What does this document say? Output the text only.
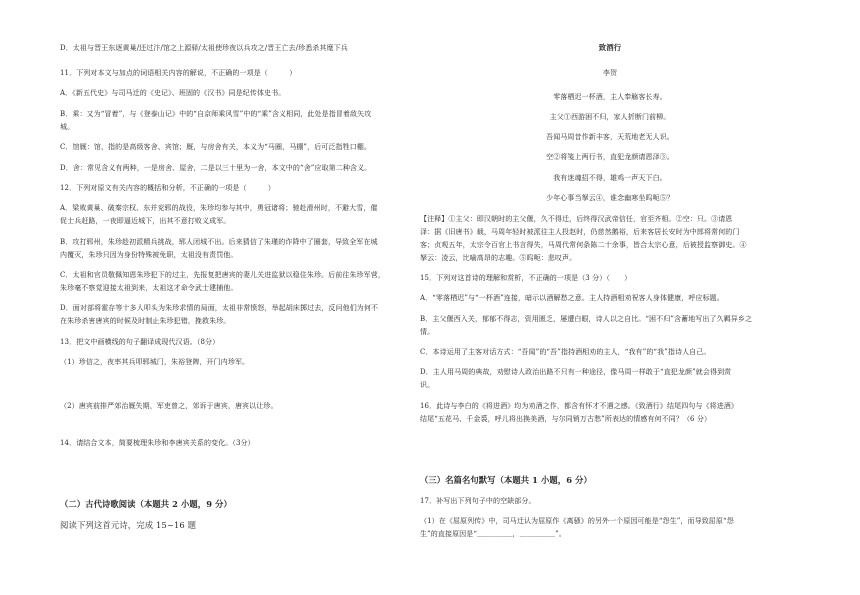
D．太祖与晋王东逐黄巢/还过汴/馆之上源驿/太祖使珍夜以兵攻之/晋王亡去/珍悉杀其麾下兵
11．下列对本文与加点的词语相关内容的解说，不正确的一项是（　　　）
A．《新五代史》与司马迁的《史记》、班固的《汉书》同是纪传体史书。
B．乘：又为“冒着”，与《登泰山记》中的“自京师乘风雪”中的“乘”含义相同，此处是指冒着敌矢攻
城。
C．馆厩：馆，指的是高级客舍、宾馆；厩，与房舍有关，本义为“马圈，马棚”，后可泛指牲口棚。
D．舍：常见含义有两种，一是房舍、屋舍，二是以三十里为一舍，本文中的“舍”应取第二种含义。
12．下列对原文有关内容的概括和分析，不正确的一项是（　　　）
A．梁败黄巢、破秦宗权、东并兖郓的战役，朱珍均参与其中，勇冠诸将；驰赴滑州时，不避大雪，催
促士兵赶路，一夜即逼近城下，出其不意打败义成军。
B．攻打郓州，朱珍趁初派精兵挑战，郓人闭城不出。后来猜信了朱瑾的诈降中了圈套，导致全军在城
内覆灭，朱珍只因为身份特殊被免职，太祖没有责罚他。
C．太祖和官员敬佩知恩朱珍犯下的过主，先报复把唐宾的妻儿关进监狱以稳住朱珍。后前往朱珍军营，
朱珍毫不察觉迎接太祖到来，太祖这才命令武士建捕他。
D．面对部将霍存等十多人叩头为朱珍求情的局面，太祖非常愤怒，举起胡床掷过去，反问他们为何不
在朱珍杀害唐宾的时候及时制止朱珍犯错，挽救朱珍。
13．把文中画横线的句子翻译成现代汉语。（8分）
（1）珍信之，夜率其兵叩郓城门，朱裕登陴，开门内珍军。
（2）唐宾前排严郊治厩失期，军吏曾之，郊诉于唐宾，唐宾以让珍。
14．请结合文本，简要梳理朱珍和李唐宾关系的变化。（3分）
（二）古代诗歌阅读（本题共 2 小题，9 分）
阅读下列这首元诗，完成 15~16 题
致酒行
李贺
零落栖迟一杯酒，主人奉觞客长寿。
主父①西游困不归，家人折断门前柳。
吾闻马周昔作新丰客，天荒地老无人识。
空②将笺上两行书，直犯龙颜请恩泽③。
我有迷魂招不得，雄鸡一声天下白。
少年心事当拏云④，谁念幽寒坐呜呃⑤？
【注释】①主父：即汉朝时的主父偃，久不得迁，后终得汉武帝信任，官至齐相。②空：只。③请恩
泽：据《旧唐书》载，马周年轻时被派往主人投赵时，仍慈然鹅裕，后来客居长安时为中郎将常何的门
客；贞观五年，太宗令百官上书言得失，马周代常何条陈二十余事，皆合太宗心意，后被授监察御史。④
拏云：凌云，比喻高昂的志趣。⑤呜呃：悲叹声。
15．下列对这首诗的理解和赏析，不正确的一项是（3 分）（　　）
A．“零落栖迟”与“一杯酒”连接，暗示以酒解愁之意。主人持酒相劝祝客人身体健康，呼应标题。
B．主父偃西入关，郁郁不得志，资用匮乏，屡遭白眼，诗人以之自比。“困不归”含蓄地写出了久羁异乡之
情。
C．本诗运用了主客对话方式：“吾闻”的“吾”指持酒相劝的主人，“我有”的“我”指诗人自己。
D．主人用马周的典故，劝慰诗人政治出路不只有一种途径，像马周一样敢于“直犯龙颜”就会得到赏
识。
16．此诗与李白的《将进酒》均为劝酒之作，都含有怀才不遇之感。《致酒行》结尾四句与《将进酒》
结尾“五花马、千金裘，呼儿将出换美酒，与尔同销万古愁”所表达的情感有何不同？（6 分）
（三）名篇名句默写（本题共 1 小题，6 分）
17．补写出下列句子中的空缺部分。
（1）在《屈原列传》中，司马迁认为屈原作《离骚》的另外一个原因可能是“怨生”，而导致屈原“怨
生”的直接原因是“＿＿＿＿＿，＿＿＿＿＿”。
